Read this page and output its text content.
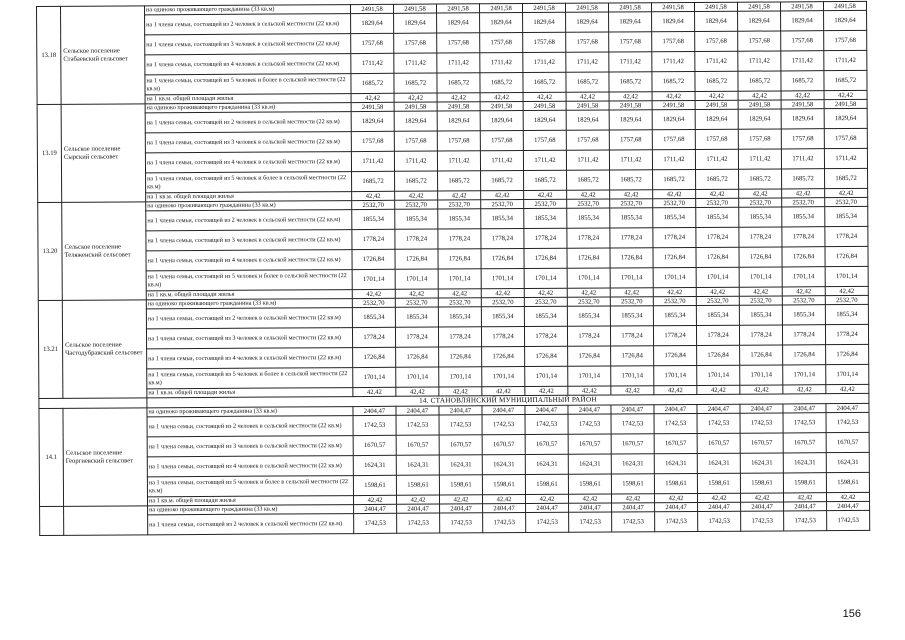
13.18	Сельское поселение Стабаевский сельсовет	на одиноко проживающего гражданина (33 кв.м)	2491,58	2491,58	2491,58	2491,58	2491,58	2491,58	2491,58	2491,58	2491,58	2491,58	2491,58	2491,58
		на 1 члена семьи, состоящей из 2 человек в сельской местности (22 кв.м)	1829,64	1829,64	1829,64	1829,64	1829,64	1829,64	1829,64	1829,64	1829,64	1829,64	1829,64	1829,64
		на 1 члена семьи, состоящей из 3 человек в сельской местности (22 кв.м)	1757,68	1757,68	1757,68	1757,68	1757,68	1757,68	1757,68	1757,68	1757,68	1757,68	1757,68	1757,68
		на 1 члена семьи, состоящей из 4 человек в сельской местности (22 кв.м)	1711,42	1711,42	1711,42	1711,42	1711,42	1711,42	1711,42	1711,42	1711,42	1711,42	1711,42	1711,42
		на 1 члена семьи, состоящей из 5 человек и более в сельской местности (22 кв.м)	1685,72	1685,72	1685,72	1685,72	1685,72	1685,72	1685,72	1685,72	1685,72	1685,72	1685,72	1685,72
		на 1 кв.м. общей площади жилья	42,42	42,42	42,42	42,42	42,42	42,42	42,42	42,42	42,42	42,42	42,42	42,42
13.19	Сельское поселение Сырский сельсовет	на одиноко проживающего гражданина (33 кв.м)	2491,58	2491,58	2491,58	2491,58	2491,58	2491,58	2491,58	2491,58	2491,58	2491,58	2491,58	2491,58
		на 1 члена семьи, состоящей из 2 человек в сельской местности (22 кв.м)	1829,64	1829,64	1829,64	1829,64	1829,64	1829,64	1829,64	1829,64	1829,64	1829,64	1829,64	1829,64
		на 1 члена семьи, состоящей из 3 человек в сельской местности (22 кв.м)	1757,68	1757,68	1757,68	1757,68	1757,68	1757,68	1757,68	1757,68	1757,68	1757,68	1757,68	1757,68
		на 1 члена семьи, состоящей из 4 человек в сельской местности (22 кв.м)	1711,42	1711,42	1711,42	1711,42	1711,42	1711,42	1711,42	1711,42	1711,42	1711,42	1711,42	1711,42
		на 1 члена семьи, состоящей из 5 человек и более в сельской местности (22 кв.м)	1685,72	1685,72	1685,72	1685,72	1685,72	1685,72	1685,72	1685,72	1685,72	1685,72	1685,72	1685,72
		на 1 кв.м. общей площади жилья	42,42	42,42	42,42	42,42	42,42	42,42	42,42	42,42	42,42	42,42	42,42	42,42
13.20	Сельское поселение Теляженский сельсовет	на одиноко проживающего гражданина (33 кв.м)	2532,70	2532,70	2532,70	2532,70	2532,70	2532,70	2532,70	2532,70	2532,70	2532,70	2532,70	2532,70
		на 1 члена семьи, состоящей из 2 человек в сельской местности (22 кв.м)	1855,34	1855,34	1855,34	1855,34	1855,34	1855,34	1855,34	1855,34	1855,34	1855,34	1855,34	1855,34
		на 1 члена семьи, состоящей из 3 человек в сельской местности (22 кв.м)	1778,24	1778,24	1778,24	1778,24	1778,24	1778,24	1778,24	1778,24	1778,24	1778,24	1778,24	1778,24
		на 1 члена семьи, состоящей из 4 человек в сельской местности (22 кв.м)	1726,84	1726,84	1726,84	1726,84	1726,84	1726,84	1726,84	1726,84	1726,84	1726,84	1726,84	1726,84
		на 1 члена семьи, состоящей из 5 человек и более в сельской местности (22 кв.м)	1701,14	1701,14	1701,14	1701,14	1701,14	1701,14	1701,14	1701,14	1701,14	1701,14	1701,14	1701,14
		на 1 кв.м. общей площади жилья	42,42	42,42	42,42	42,42	42,42	42,42	42,42	42,42	42,42	42,42	42,42	42,42
13.21	Сельское поселение Частодубравский сельсовет	на одиноко проживающего гражданина (33 кв.м)	2532,70	2532,70	2532,70	2532,70	2532,70	2532,70	2532,70	2532,70	2532,70	2532,70	2532,70	2532,70
		на 1 члена семьи, состоящей из 2 человек в сельской местности (22 кв.м)	1855,34	1855,34	1855,34	1855,34	1855,34	1855,34	1855,34	1855,34	1855,34	1855,34	1855,34	1855,34
		на 1 члена семьи, состоящей из 3 человек в сельской местности (22 кв.м)	1778,24	1778,24	1778,24	1778,24	1778,24	1778,24	1778,24	1778,24	1778,24	1778,24	1778,24	1778,24
		на 1 члена семьи, состоящей из 4 человек в сельской местности (22 кв.м)	1726,84	1726,84	1726,84	1726,84	1726,84	1726,84	1726,84	1726,84	1726,84	1726,84	1726,84	1726,84
		на 1 члена семьи, состоящей из 5 человек и более в сельской местности (22 кв.м)	1701,14	1701,14	1701,14	1701,14	1701,14	1701,14	1701,14	1701,14	1701,14	1701,14	1701,14	1701,14
		на 1 кв.м. общей площади жилья	42,42	42,42	42,42	42,42	42,42	42,42	42,42	42,42	42,42	42,42	42,42	42,42
		14. СТАНОВЛЯНСКИЙ МУНИЦИПАЛЬНЫЙ РАЙОН												
14.1	Сельское поселение Георгиевский сельсовет	на одиноко проживающего гражданина (33 кв.м)	2404,47	2404,47	2404,47	2404,47	2404,47	2404,47	2404,47	2404,47	2404,47	2404,47	2404,47	2404,47
		на 1 члена семьи, состоящей из 2 человек в сельской местности (22 кв.м)	1742,53	1742,53	1742,53	1742,53	1742,53	1742,53	1742,53	1742,53	1742,53	1742,53	1742,53	1742,53
		на 1 члена семьи, состоящей из 3 человек в сельской местности (22 кв.м)	1670,57	1670,57	1670,57	1670,57	1670,57	1670,57	1670,57	1670,57	1670,57	1670,57	1670,57	1670,57
		на 1 члена семьи, состоящей из 4 человек в сельской местности (22 кв.м)	1624,31	1624,31	1624,31	1624,31	1624,31	1624,31	1624,31	1624,31	1624,31	1624,31	1624,31	1624,31
		на 1 члена семьи, состоящей из 5 человек и более в сельской местности (22 кв.м)	1598,61	1598,61	1598,61	1598,61	1598,61	1598,61	1598,61	1598,61	1598,61	1598,61	1598,61	1598,61
		на 1 кв.м. общей площади жилья	42,42	42,42	42,42	42,42	42,42	42,42	42,42	42,42	42,42	42,42	42,42	42,42
		на одиноко проживающего гражданина (33 кв.м)	2404,47	2404,47	2404,47	2404,47	2404,47	2404,47	2404,47	2404,47	2404,47	2404,47	2404,47	2404,47
		на 1 члена семьи, состоящей из 2 человек в сельской местности (22 кв.м)	1742,53	1742,53	1742,53	1742,53	1742,53	1742,53	1742,53	1742,53	1742,53	1742,53	1742,53	1742,53
156
